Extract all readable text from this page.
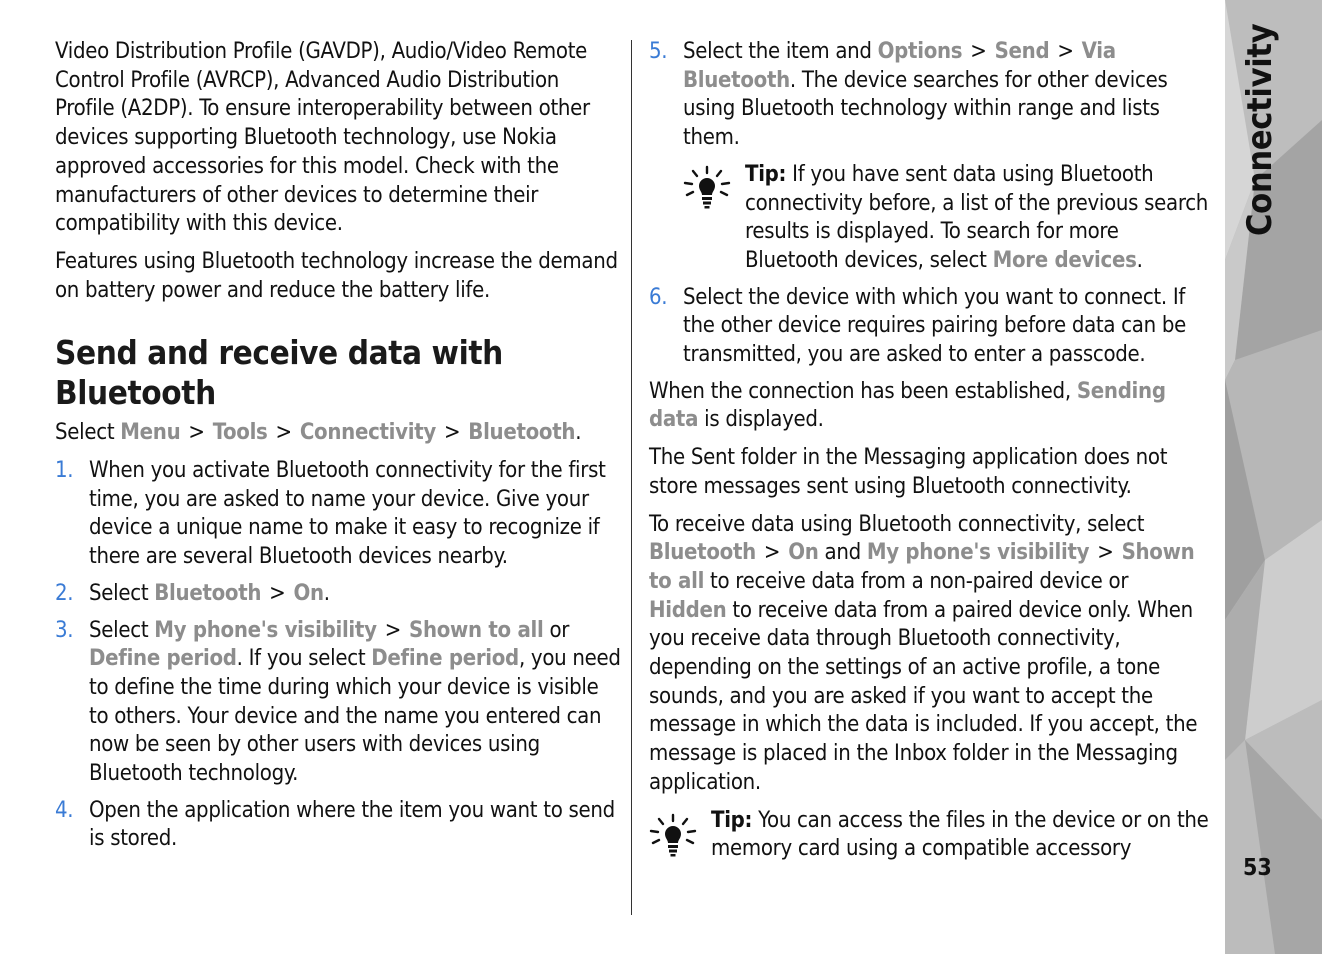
Video Distribution Profile (GAVDP), Audio/Video Remote Control Profile (AVRCP), Advanced Audio Distribution Profile (A2DP). To ensure interoperability between other devices supporting Bluetooth technology, use Nokia approved accessories for this model. Check with the manufacturers of other devices to determine their compatibility with this device.

Features using Bluetooth technology increase the demand on battery power and reduce the battery life.

Send and receive data with Bluetooth

Select Menu > Tools > Connectivity > Bluetooth.

1. When you activate Bluetooth connectivity for the first time, you are asked to name your device. Give your device a unique name to make it easy to recognize if there are several Bluetooth devices nearby.
2. Select Bluetooth > On.
3. Select My phone's visibility > Shown to all or Define period. If you select Define period, you need to define the time during which your device is visible to others. Your device and the name you entered can now be seen by other users with devices using Bluetooth technology.
4. Open the application where the item you want to send is stored.
5. Select the item and Options > Send > Via Bluetooth. The device searches for other devices using Bluetooth technology within range and lists them.
Tip: If you have sent data using Bluetooth connectivity before, a list of the previous search results is displayed. To search for more Bluetooth devices, select More devices.
6. Select the device with which you want to connect. If the other device requires pairing before data can be transmitted, you are asked to enter a passcode.

When the connection has been established, Sending data is displayed.

The Sent folder in the Messaging application does not store messages sent using Bluetooth connectivity.

To receive data using Bluetooth connectivity, select Bluetooth > On and My phone's visibility > Shown to all to receive data from a non-paired device or Hidden to receive data from a paired device only. When you receive data through Bluetooth connectivity, depending on the settings of an active profile, a tone sounds, and you are asked if you want to accept the message in which the data is included. If you accept, the message is placed in the Inbox folder in the Messaging application.

Tip: You can access the files in the device or on the memory card using a compatible accessory
53
